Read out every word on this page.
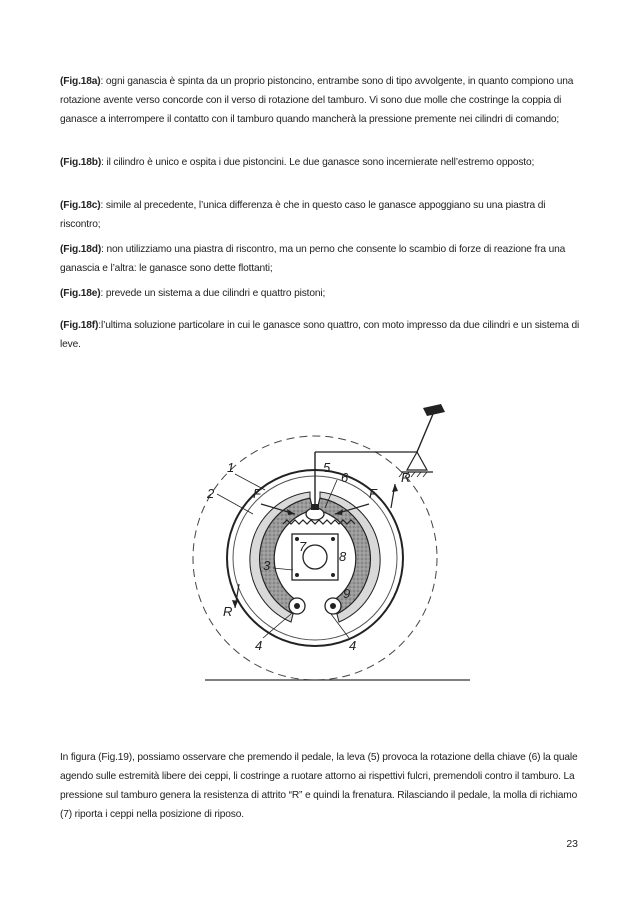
(Fig.18a): ogni ganascia è spinta da un proprio pistoncino, entrambe sono di tipo avvolgente, in quanto compiono una rotazione avente verso concorde con il verso di rotazione del tamburo. Vi sono due molle che costringe la coppia di ganasce a interrompere il contatto con il tamburo quando mancherà la pressione premente nei cilindri di comando;

(Fig.18b): il cilindro è unico e ospita i due pistoncini. Le due ganasce sono incernierate nell’estremo opposto;

(Fig.18c): simile al precedente, l’unica differenza è che in questo caso le ganasce appoggiano su una piastra di riscontro;

(Fig.18d): non utilizziamo una piastra di riscontro, ma un perno che consente lo scambio di forze di reazione fra una ganascia e l’altra: le ganasce sono dette flottanti;

(Fig.18e): prevede un sistema a due cilindri e quattro pistoni;

(Fig.18f):l’ultima soluzione particolare in cui le ganasce sono quattro, con moto impresso da due cilindri e un sistema di leve.

1
2
5
6
7
8
3
9
4	4
F	F
R
R

In figura (Fig.19), possiamo osservare che premendo il pedale, la leva (5) provoca la rotazione della chiave (6) la quale agendo sulle estremità libere dei ceppi, li costringe a ruotare attorno ai rispettivi fulcri, premendoli contro il tamburo. La pressione sul tamburo genera la resistenza di attrito “R” e quindi la frenatura. Rilasciando il pedale, la molla di richiamo (7) riporta i ceppi nella posizione di riposo.

23
